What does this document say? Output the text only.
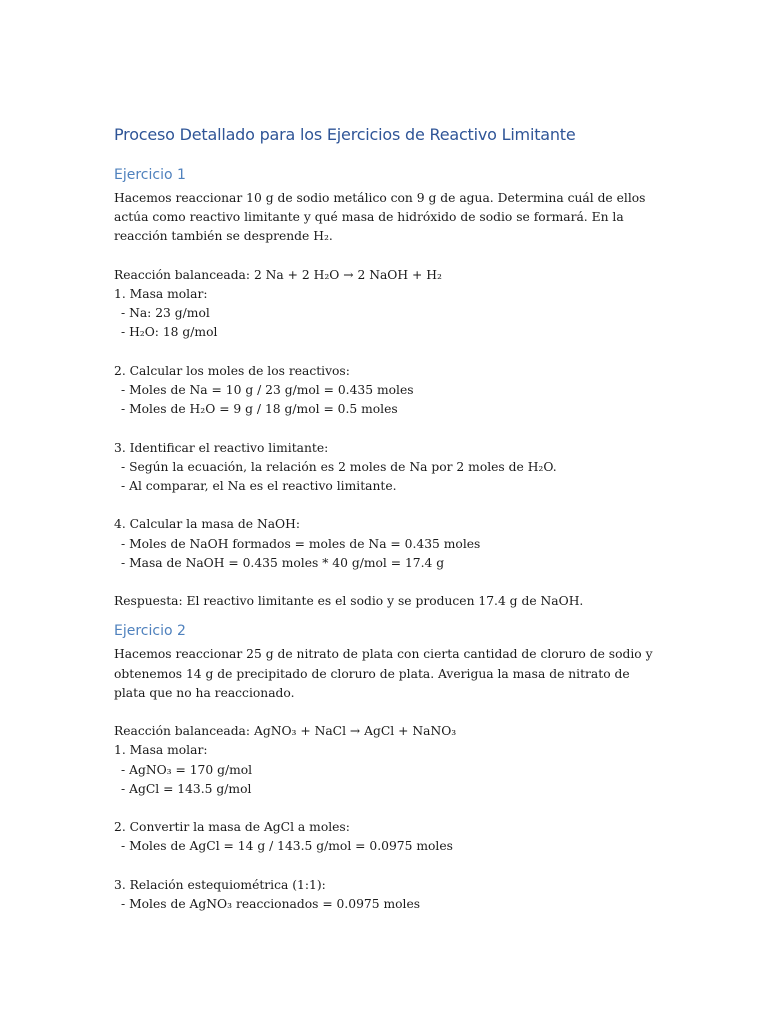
Proceso Detallado para los Ejercicios de Reactivo Limitante
Ejercicio 1

Hacemos reaccionar 10 g de sodio metálico con 9 g de agua. Determina cuál de ellos actúa como reactivo limitante y qué masa de hidróxido de sodio se formará. En la reacción también se desprende H₂.

Reacción balanceada: 2 Na + 2 H₂O → 2 NaOH + H₂

1. Masa molar:

- Na: 23 g/mol

- H₂O: 18 g/mol

2. Calcular los moles de los reactivos:

- Moles de Na = 10 g / 23 g/mol = 0.435 moles

- Moles de H₂O = 9 g / 18 g/mol = 0.5 moles

3. Identificar el reactivo limitante:

- Según la ecuación, la relación es 2 moles de Na por 2 moles de H₂O.

- Al comparar, el Na es el reactivo limitante.

4. Calcular la masa de NaOH:

- Moles de NaOH formados = moles de Na = 0.435 moles

- Masa de NaOH = 0.435 moles * 40 g/mol = 17.4 g

Respuesta: El reactivo limitante es el sodio y se producen 17.4 g de NaOH.

Ejercicio 2

Hacemos reaccionar 25 g de nitrato de plata con cierta cantidad de cloruro de sodio y obtenemos 14 g de precipitado de cloruro de plata. Averigua la masa de nitrato de plata que no ha reaccionado.

Reacción balanceada: AgNO₃ + NaCl → AgCl + NaNO₃

1. Masa molar:

- AgNO₃ = 170 g/mol

- AgCl = 143.5 g/mol

2. Convertir la masa de AgCl a moles:

- Moles de AgCl = 14 g / 143.5 g/mol = 0.0975 moles

3. Relación estequiométrica (1:1):

- Moles de AgNO₃ reaccionados = 0.0975 moles
